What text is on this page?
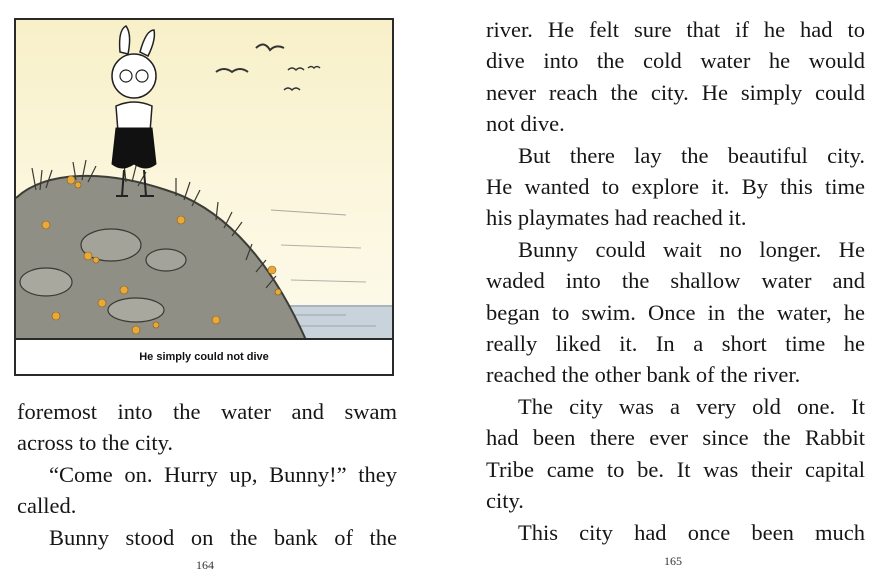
He simply could not dive
foremost into the water and swam
across to the city.
“Come on. Hurry up, Bunny!” they
called.
Bunny stood on the bank of the
164
river. He felt sure that if he had to
dive into the cold water he would
never reach the city. He simply could
not dive.
But there lay the beautiful city.
He wanted to explore it. By this time
his playmates had reached it.
Bunny could wait no longer. He
waded into the shallow water and
began to swim. Once in the water, he
really liked it. In a short time he
reached the other bank of the river.
The city was a very old one. It
had been there ever since the Rabbit
Tribe came to be. It was their capital
city.
This city had once been much
165
